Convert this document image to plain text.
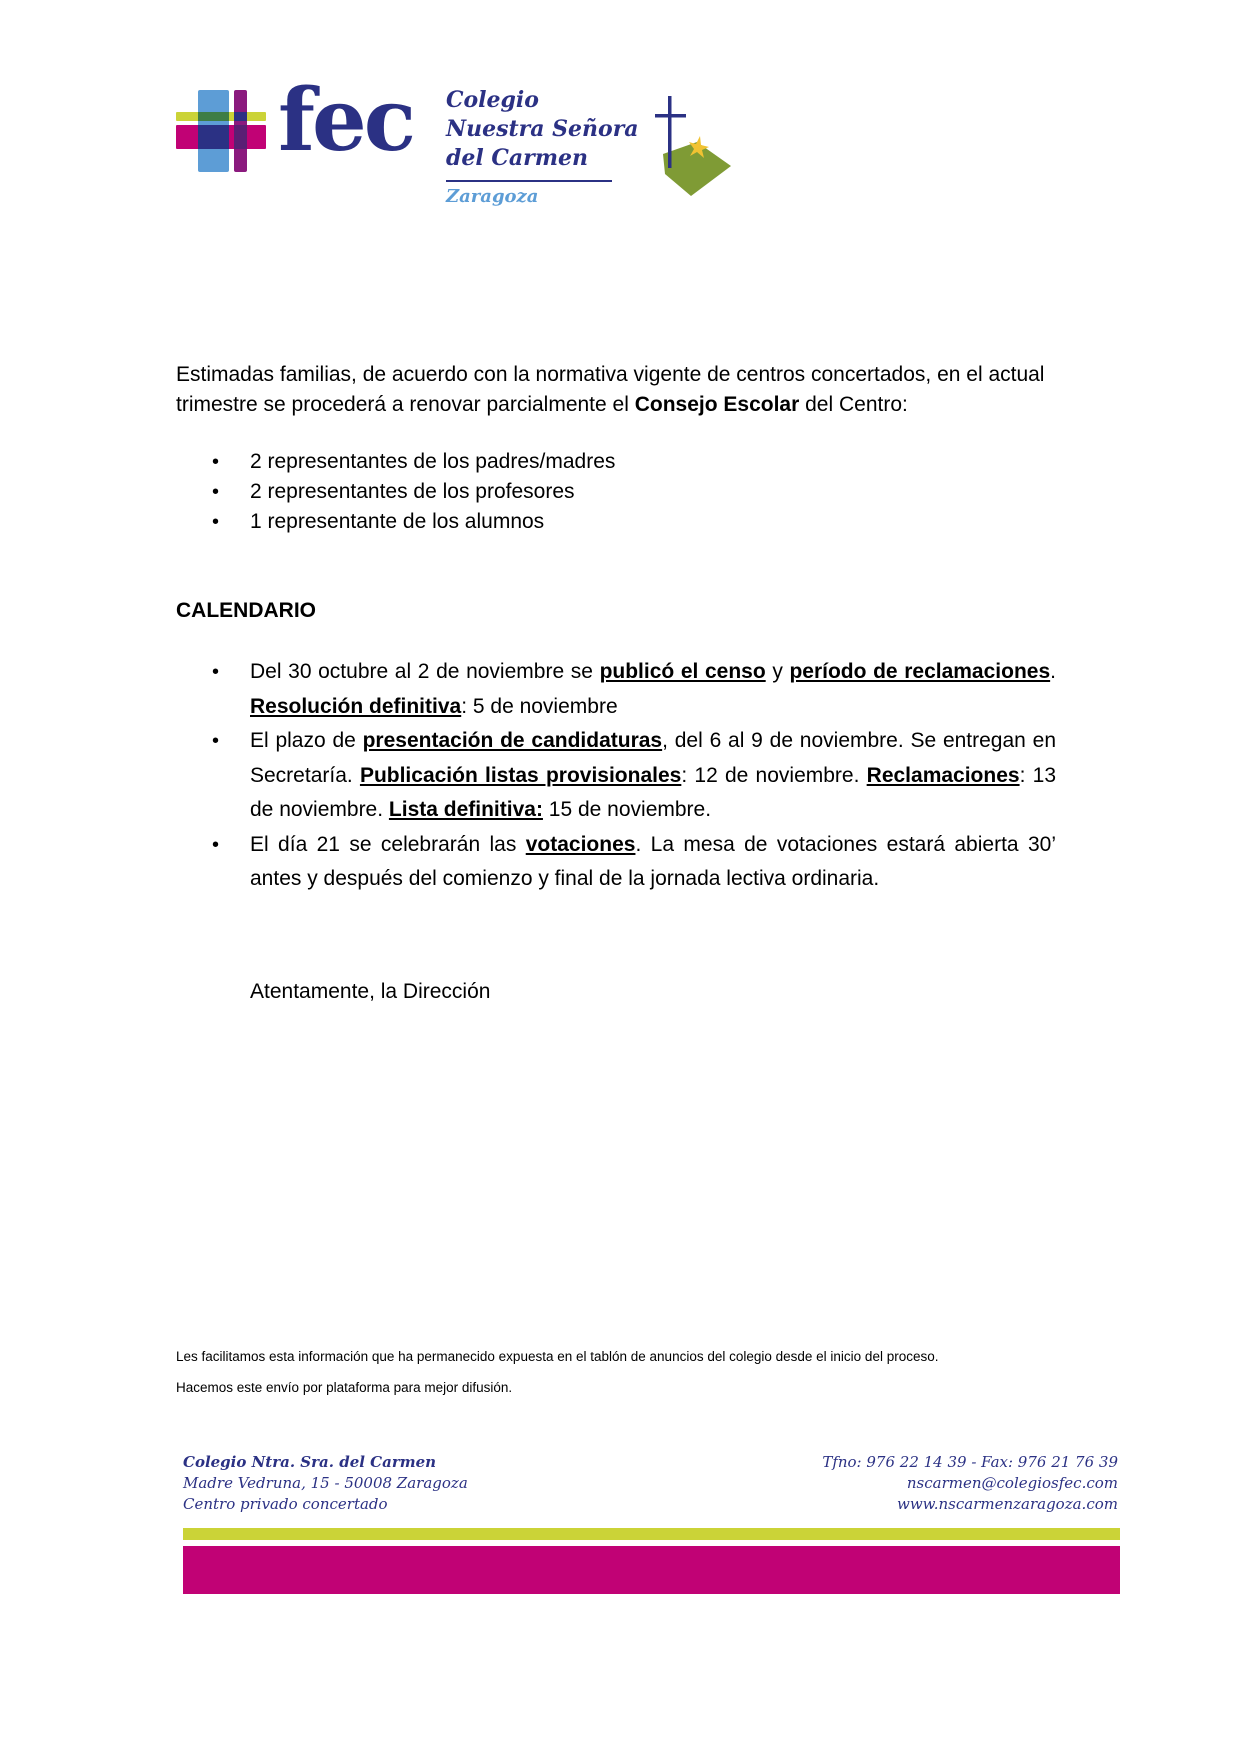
fec Colegio
Nuestra Señora
del Carmen
Zaragoza
Estimadas familias, de acuerdo con la normativa vigente de centros concertados, en el actual trimestre se procederá a renovar parcialmente el Consejo Escolar del Centro:
• 2 representantes de los padres/madres
• 2 representantes de los profesores
• 1 representante de los alumnos
CALENDARIO
• Del 30 octubre al 2 de noviembre se publicó el censo y período de reclamaciones. Resolución definitiva: 5 de noviembre
• El plazo de presentación de candidaturas, del 6 al 9 de noviembre. Se entregan en Secretaría. Publicación listas provisionales: 12 de noviembre. Reclamaciones: 13 de noviembre. Lista definitiva: 15 de noviembre.
• El día 21 se celebrarán las votaciones. La mesa de votaciones estará abierta 30’ antes y después del comienzo y final de la jornada lectiva ordinaria.
Atentamente, la Dirección
Les facilitamos esta información que ha permanecido expuesta en el tablón de anuncios del colegio desde el inicio del proceso.
Hacemos este envío por plataforma para mejor difusión.
Colegio Ntra. Sra. del Carmen
Madre Vedruna, 15 - 50008 Zaragoza
Centro privado concertado
Tfno: 976 22 14 39 - Fax: 976 21 76 39
nscarmen@colegiosfec.com
www.nscarmenzaragoza.com
